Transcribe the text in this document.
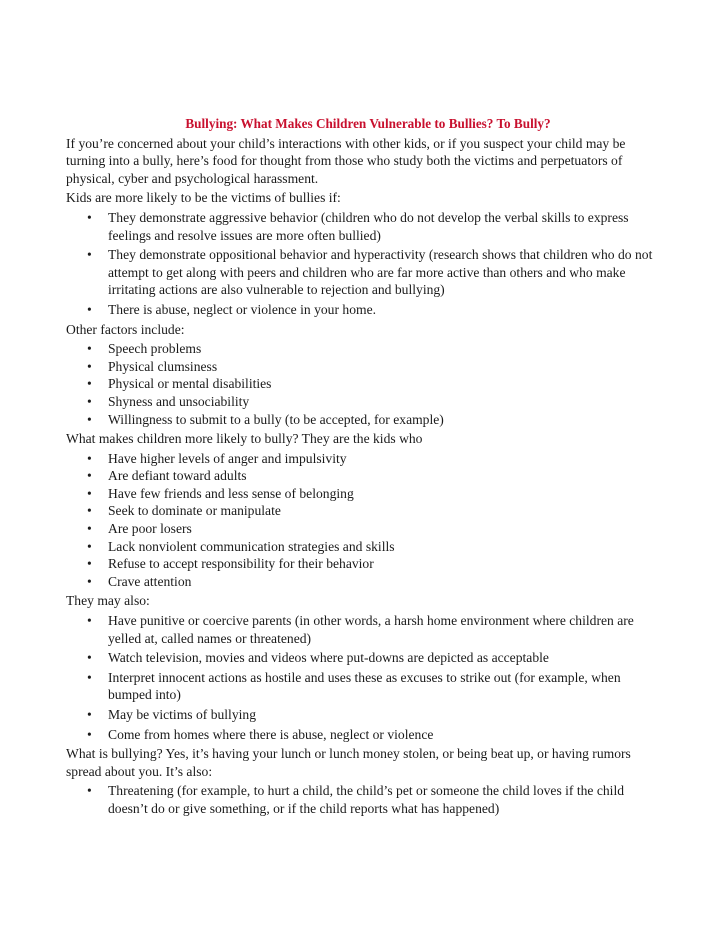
Bullying: What Makes Children Vulnerable to Bullies? To Bully?

If you’re concerned about your child’s interactions with other kids, or if you suspect your child may be turning into a bully, here’s food for thought from those who study both the victims and perpetuators of physical, cyber and psychological harassment.

Kids are more likely to be the victims of bullies if:

• They demonstrate aggressive behavior (children who do not develop the verbal skills to express feelings and resolve issues are more often bullied)
• They demonstrate oppositional behavior and hyperactivity (research shows that children who do not attempt to get along with peers and children who are far more active than others and who make irritating actions are also vulnerable to rejection and bullying)
• There is abuse, neglect or violence in your home.

Other factors include:

• Speech problems
• Physical clumsiness
• Physical or mental disabilities
• Shyness and unsociability
• Willingness to submit to a bully (to be accepted, for example)

What makes children more likely to bully? They are the kids who

• Have higher levels of anger and impulsivity
• Are defiant toward adults
• Have few friends and less sense of belonging
• Seek to dominate or manipulate
• Are poor losers
• Lack nonviolent communication strategies and skills
• Refuse to accept responsibility for their behavior
• Crave attention

They may also:

• Have punitive or coercive parents (in other words, a harsh home environment where children are yelled at, called names or threatened)
• Watch television, movies and videos where put-downs are depicted as acceptable
• Interpret innocent actions as hostile and uses these as excuses to strike out (for example, when bumped into)
• May be victims of bullying
• Come from homes where there is abuse, neglect or violence

What is bullying? Yes, it’s having your lunch or lunch money stolen, or being beat up, or having rumors spread about you. It’s also:

• Threatening (for example, to hurt a child, the child’s pet or someone the child loves if the child doesn’t do or give something, or if the child reports what has happened)
